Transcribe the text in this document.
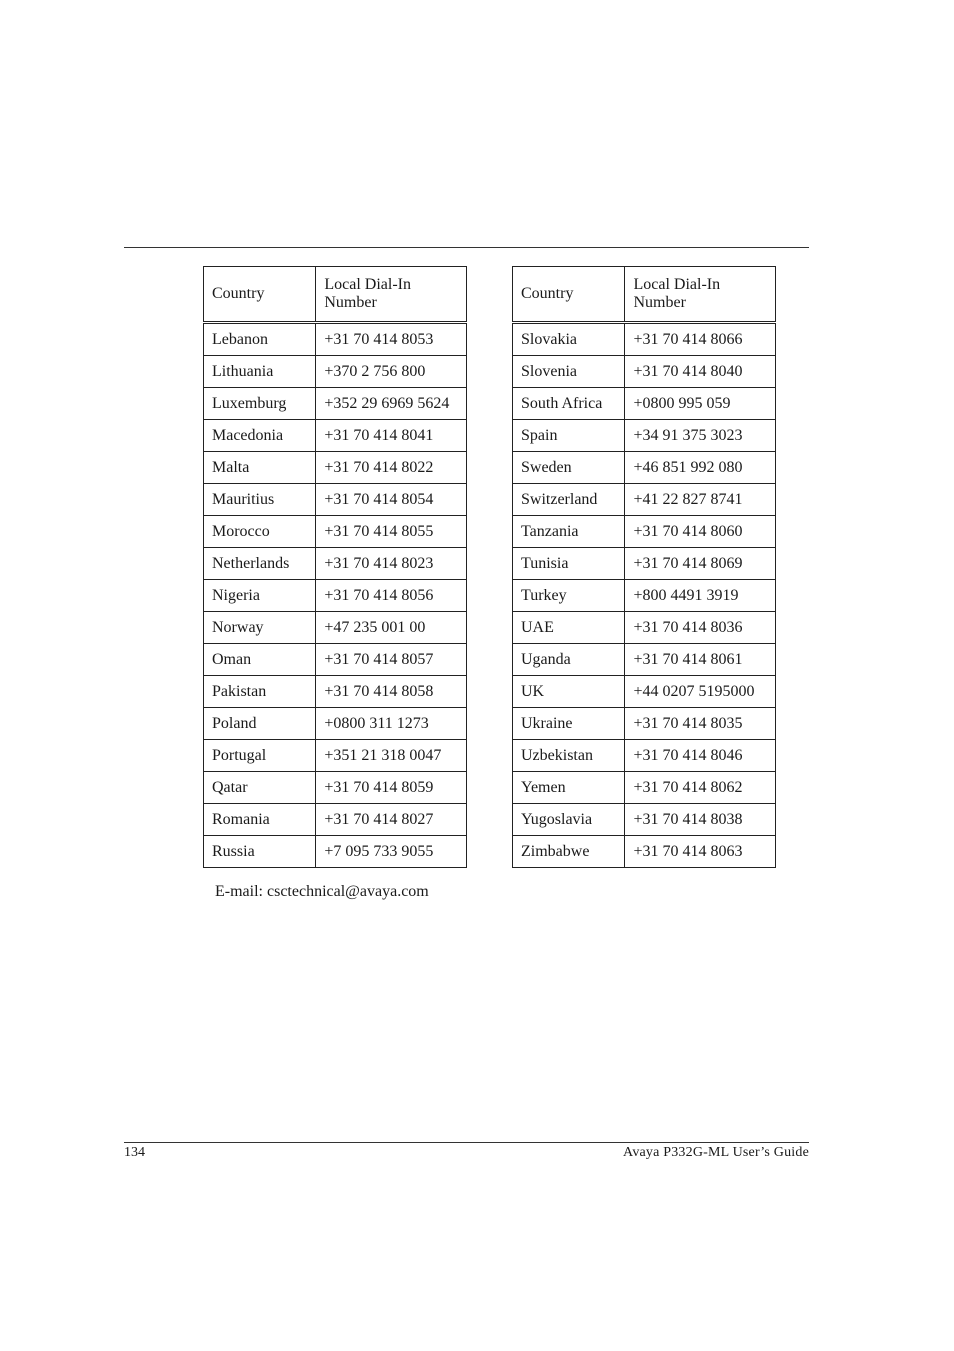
Country	Local Dial-In Number
Lebanon	+31 70 414 8053
Lithuania	+370 2 756 800
Luxemburg	+352 29 6969 5624
Macedonia	+31 70 414 8041
Malta	+31 70 414 8022
Mauritius	+31 70 414 8054
Morocco	+31 70 414 8055
Netherlands	+31 70 414 8023
Nigeria	+31 70 414 8056
Norway	+47 235 001 00
Oman	+31 70 414 8057
Pakistan	+31 70 414 8058
Poland	+0800 311 1273
Portugal	+351 21 318 0047
Qatar	+31 70 414 8059
Romania	+31 70 414 8027
Russia	+7 095 733 9055
Country	Local Dial-In Number
Slovakia	+31 70 414 8066
Slovenia	+31 70 414 8040
South Africa	+0800 995 059
Spain	+34 91 375 3023
Sweden	+46 851 992 080
Switzerland	+41 22 827 8741
Tanzania	+31 70 414 8060
Tunisia	+31 70 414 8069
Turkey	+800 4491 3919
UAE	+31 70 414 8036
Uganda	+31 70 414 8061
UK	+44 0207 5195000
Ukraine	+31 70 414 8035
Uzbekistan	+31 70 414 8046
Yemen	+31 70 414 8062
Yugoslavia	+31 70 414 8038
Zimbabwe	+31 70 414 8063
E-mail: csctechnical@avaya.com
134	Avaya P332G-ML User’s Guide
